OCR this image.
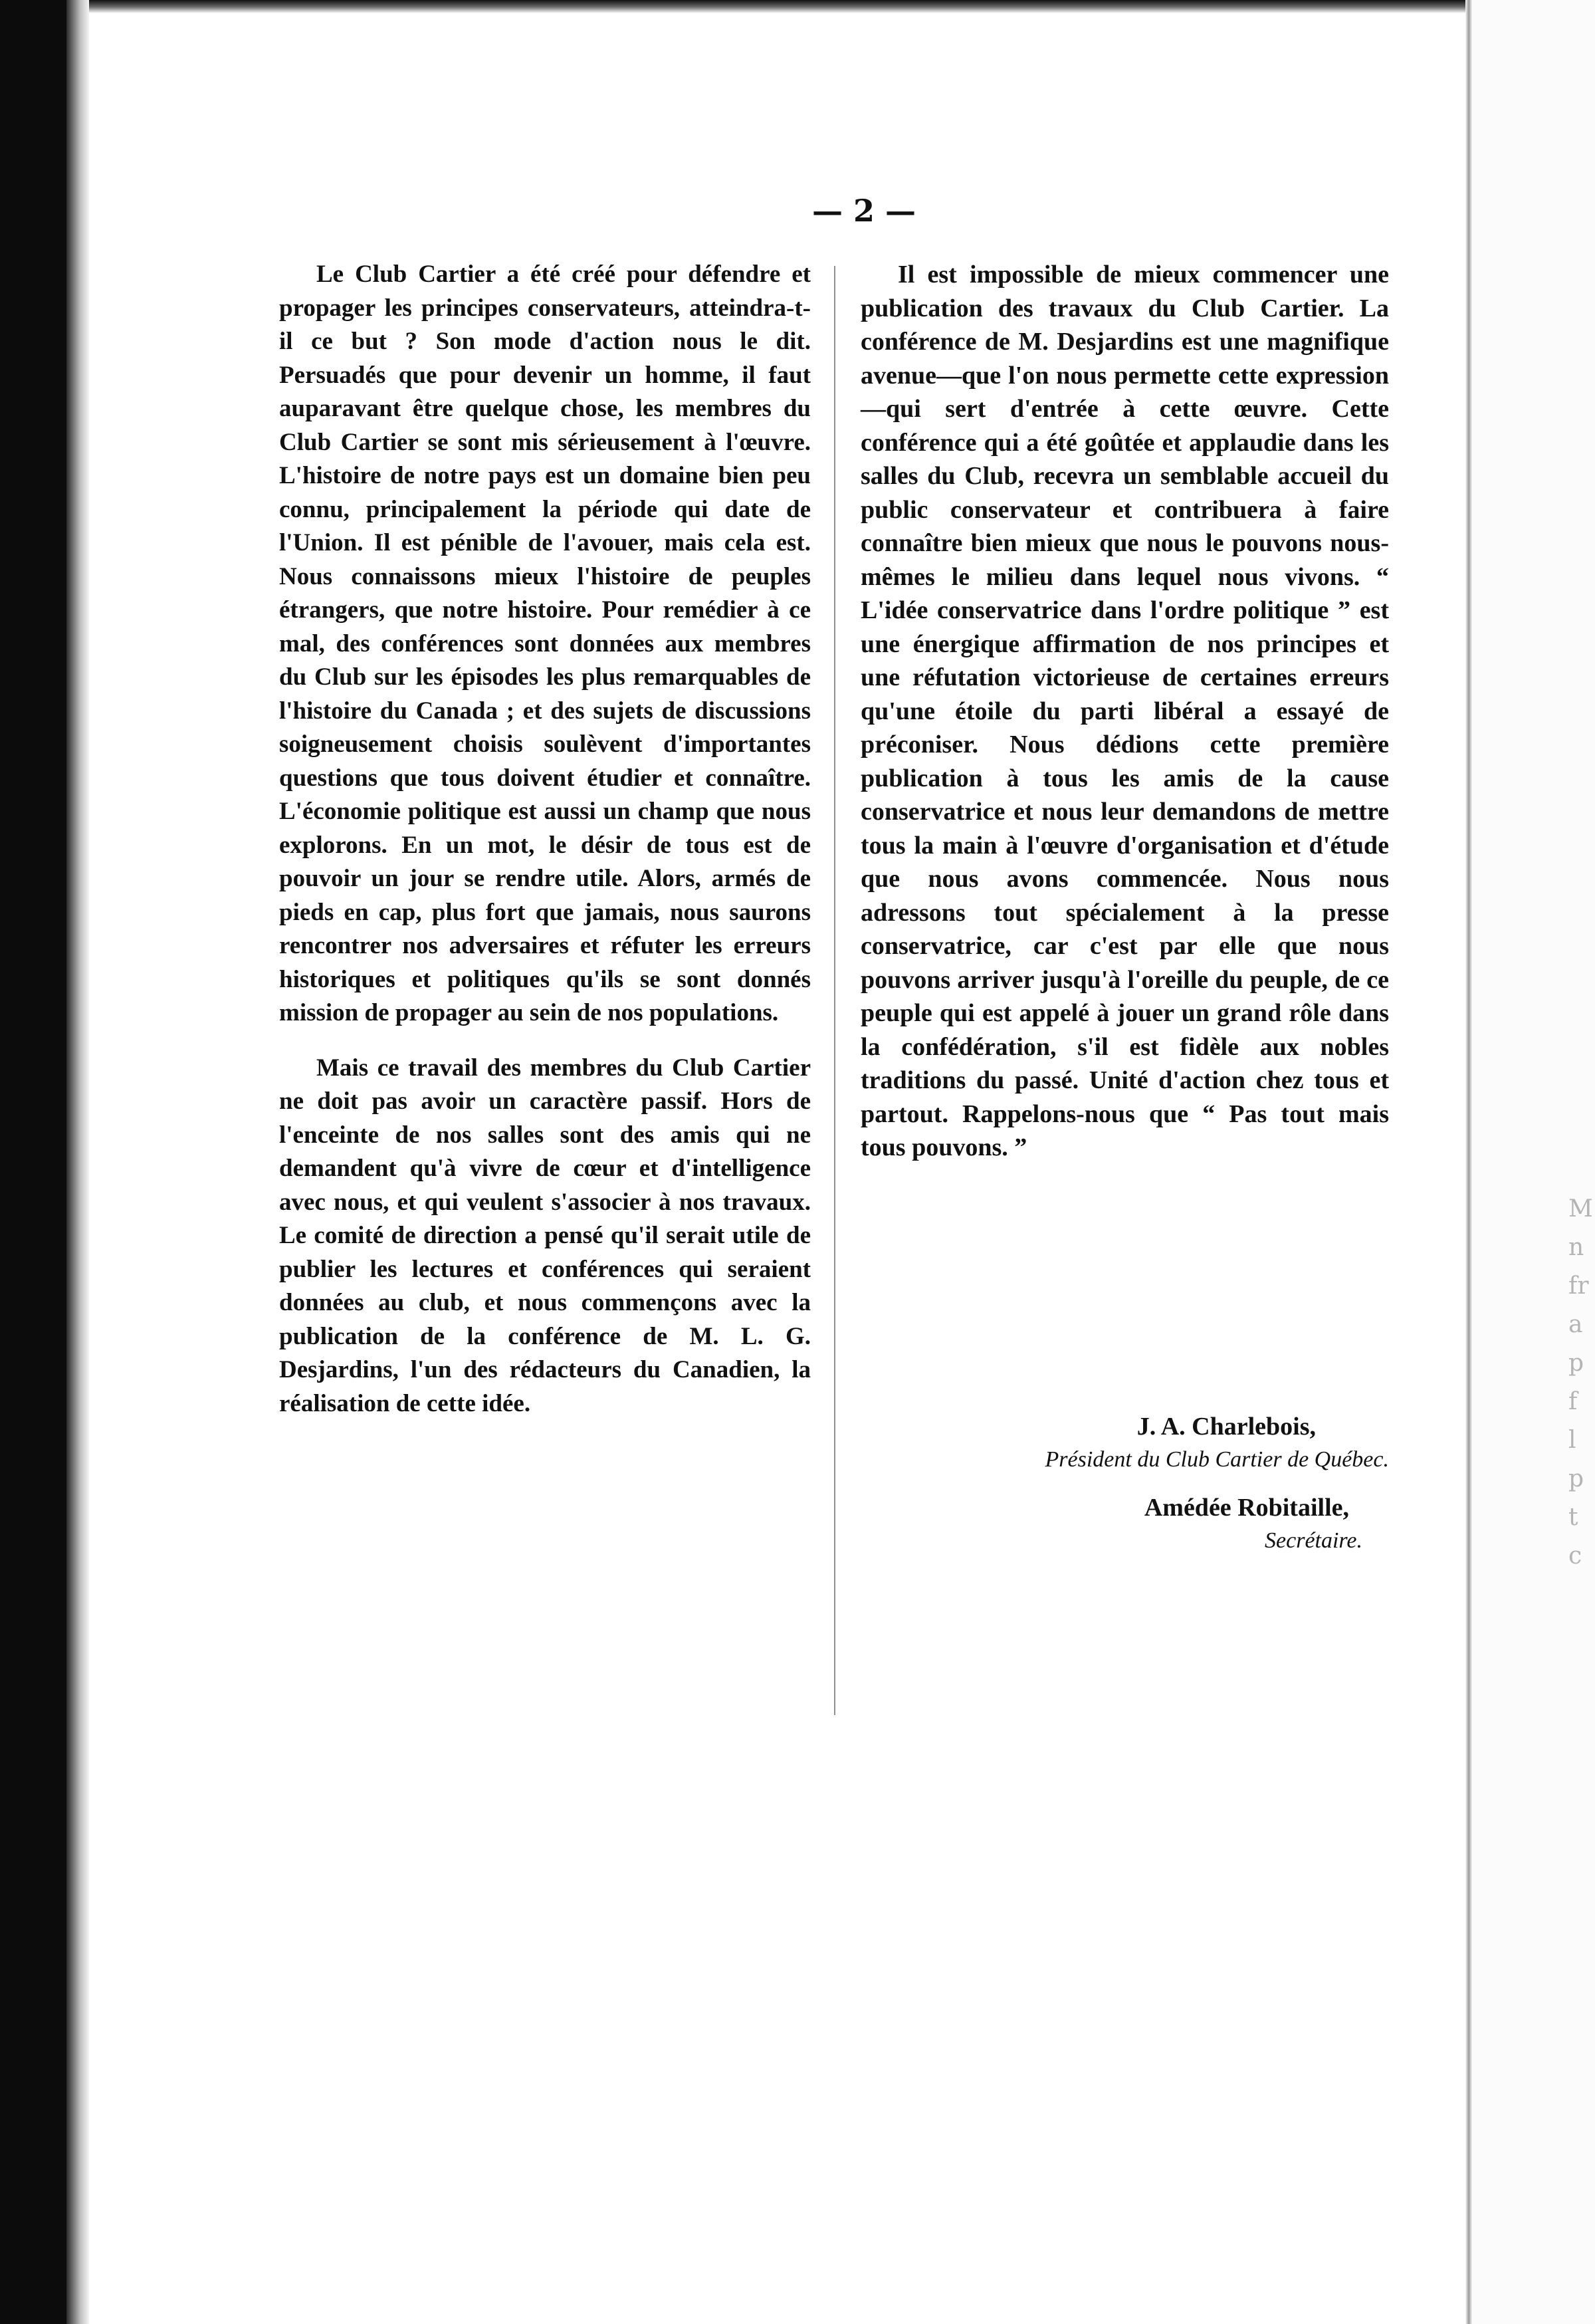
M
n
fr
a
p
f
l
p
t
c
— 2 —

Le Club Cartier a été créé pour défendre et propager les principes conservateurs, atteindra-t-il ce but ? Son mode d'action nous le dit. Persuadés que pour devenir un homme, il faut auparavant être quelque chose, les membres du Club Cartier se sont mis sérieusement à l'œuvre. L'histoire de notre pays est un domaine bien peu connu, principalement la période qui date de l'Union. Il est pénible de l'avouer, mais cela est. Nous connaissons mieux l'histoire de peuples étrangers, que notre histoire. Pour remédier à ce mal, des conférences sont données aux membres du Club sur les épisodes les plus remarquables de l'histoire du Canada ; et des sujets de discussions soigneusement choisis soulèvent d'importantes questions que tous doivent étudier et connaître. L'économie politique est aussi un champ que nous explorons. En un mot, le désir de tous est de pouvoir un jour se rendre utile. Alors, armés de pieds en cap, plus fort que jamais, nous saurons rencontrer nos adversaires et réfuter les erreurs historiques et politiques qu'ils se sont donnés mission de propager au sein de nos populations.

Mais ce travail des membres du Club Cartier ne doit pas avoir un caractère passif. Hors de l'enceinte de nos salles sont des amis qui ne demandent qu'à vivre de cœur et d'intelligence avec nous, et qui veulent s'associer à nos travaux. Le comité de direction a pensé qu'il serait utile de publier les lectures et conférences qui seraient données au club, et nous commençons avec la publication de la conférence de M. L. G. Desjardins, l'un des rédacteurs du Canadien, la réalisation de cette idée.

Il est impossible de mieux commencer une publication des travaux du Club Cartier. La conférence de M. Desjardins est une magnifique avenue—que l'on nous permette cette expression—qui sert d'entrée à cette œuvre. Cette conférence qui a été goûtée et applaudie dans les salles du Club, recevra un semblable accueil du public conservateur et contribuera à faire connaître bien mieux que nous le pouvons nous-mêmes le milieu dans lequel nous vivons. “ L'idée conservatrice dans l'ordre politique ” est une énergique affirmation de nos principes et une réfutation victorieuse de certaines erreurs qu'une étoile du parti libéral a essayé de préconiser. Nous dédions cette première publication à tous les amis de la cause conservatrice et nous leur demandons de mettre tous la main à l'œuvre d'organisation et d'étude que nous avons commencée. Nous nous adressons tout spécialement à la presse conservatrice, car c'est par elle que nous pouvons arriver jusqu'à l'oreille du peuple, de ce peuple qui est appelé à jouer un grand rôle dans la confédération, s'il est fidèle aux nobles traditions du passé. Unité d'action chez tous et partout. Rappelons-nous que “ Pas tout mais tous pouvons. ”

J. A. Charlebois,
Président du Club Cartier de Québec.
Amédée Robitaille,
Secrétaire.
